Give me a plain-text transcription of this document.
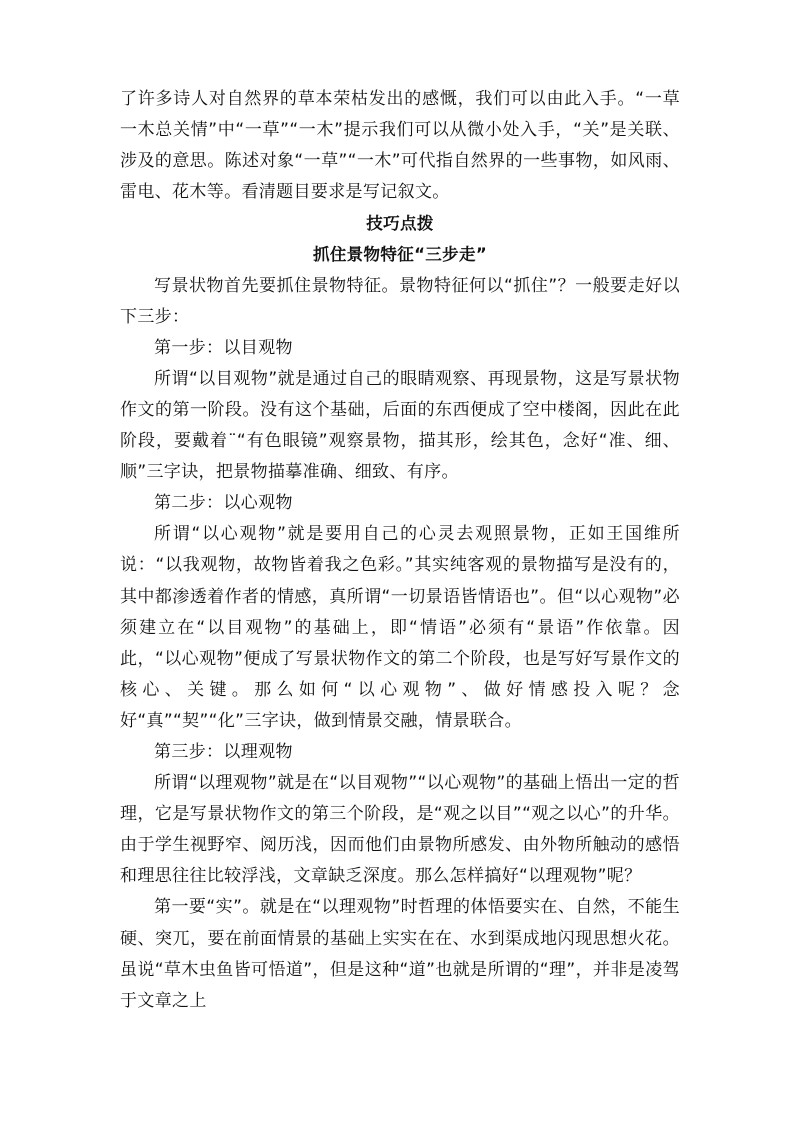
了许多诗人对自然界的草本荣枯发出的感慨，我们可以由此入手。“一草一木总关情”中“一草”“一木”提示我们可以从微小处入手，“关”是关联、涉及的意思。陈述对象“一草”“一木”可代指自然界的一些事物，如风雨、雷电、花木等。看清题目要求是写记叙文。

技巧点拨

抓住景物特征“三步走”

写景状物首先要抓住景物特征。景物特征何以“抓住”？一般要走好以下三步：

第一步：以目观物

所谓“以目观物”就是通过自己的眼睛观察、再现景物，这是写景状物作文的第一阶段。没有这个基础，后面的东西便成了空中楼阁，因此在此阶段，要戴着¨“有色眼镜”观察景物，描其形，绘其色，念好“准、细、顺”三字诀，把景物描摹准确、细致、有序。

第二步：以心观物

所谓“以心观物”就是要用自己的心灵去观照景物，正如王国维所说：“以我观物，故物皆着我之色彩。”其实纯客观的景物描写是没有的，其中都渗透着作者的情感，真所谓“一切景语皆情语也”。但“以心观物”必须建立在“以目观物”的基础上，即“情语”必须有“景语”作依靠。因此，“以心观物”便成了写景状物作文的第二个阶段，也是写好写景作文的核心、关键。那么如何“以心观物”、做好情感投入呢？念好“真”“契”“化”三字诀，做到情景交融，情景联合。

第三步：以理观物

所谓“以理观物”就是在“以目观物”“以心观物”的基础上悟出一定的哲理，它是写景状物作文的第三个阶段，是“观之以目”“观之以心”的升华。由于学生视野窄、阅历浅，因而他们由景物所感发、由外物所触动的感悟和理思往往比较浮浅，文章缺乏深度。那么怎样搞好“以理观物”呢？

第一要“实”。就是在“以理观物”时哲理的体悟要实在、自然，不能生硬、突兀，要在前面情景的基础上实实在在、水到渠成地闪现思想火花。虽说“草木虫鱼皆可悟道”，但是这种“道”也就是所谓的“理”，并非是凌驾于文章之上
